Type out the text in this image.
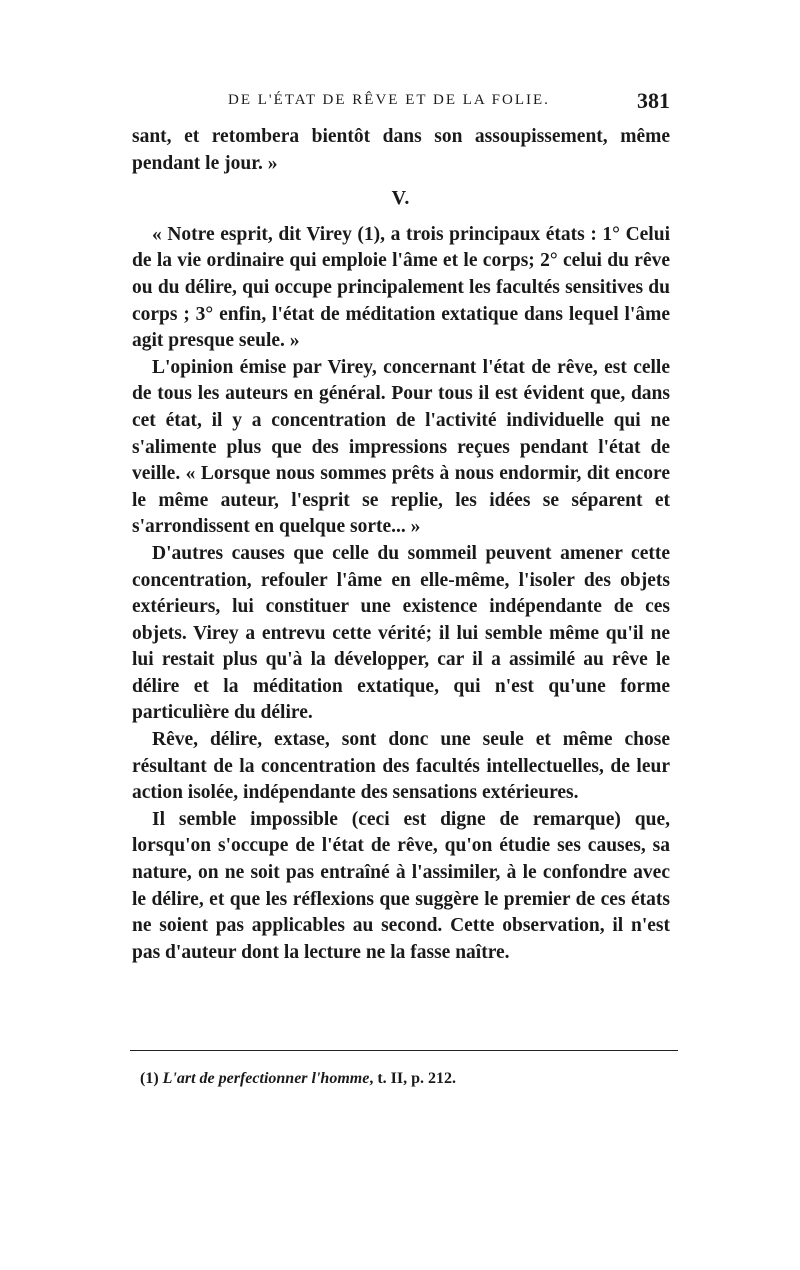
DE L'ÉTAT DE RÊVE ET DE LA FOLIE.	381

sant, et retombera bientôt dans son assoupissement, même pendant le jour. »

V.

« Notre esprit, dit Virey (1), a trois principaux états : 1° Celui de la vie ordinaire qui emploie l'âme et le corps; 2° celui du rêve ou du délire, qui occupe principalement les facultés sensitives du corps ; 3° enfin, l'état de méditation extatique dans lequel l'âme agit presque seule. »

L'opinion émise par Virey, concernant l'état de rêve, est celle de tous les auteurs en général. Pour tous il est évident que, dans cet état, il y a concentration de l'activité individuelle qui ne s'alimente plus que des impressions reçues pendant l'état de veille. « Lorsque nous sommes prêts à nous endormir, dit encore le même auteur, l'esprit se replie, les idées se séparent et s'arrondissent en quelque sorte... »

D'autres causes que celle du sommeil peuvent amener cette concentration, refouler l'âme en elle-même, l'isoler des objets extérieurs, lui constituer une existence indépendante de ces objets. Virey a entrevu cette vérité; il lui semble même qu'il ne lui restait plus qu'à la développer, car il a assimilé au rêve le délire et la méditation extatique, qui n'est qu'une forme particulière du délire.

Rêve, délire, extase, sont donc une seule et même chose résultant de la concentration des facultés intellectuelles, de leur action isolée, indépendante des sensations extérieures.

Il semble impossible (ceci est digne de remarque) que, lorsqu'on s'occupe de l'état de rêve, qu'on étudie ses causes, sa nature, on ne soit pas entraîné à l'assimiler, à le confondre avec le délire, et que les réflexions que suggère le premier de ces états ne soient pas applicables au second. Cette observation, il n'est pas d'auteur dont la lecture ne la fasse naître.

(1) L'art de perfectionner l'homme, t. II, p. 212.
